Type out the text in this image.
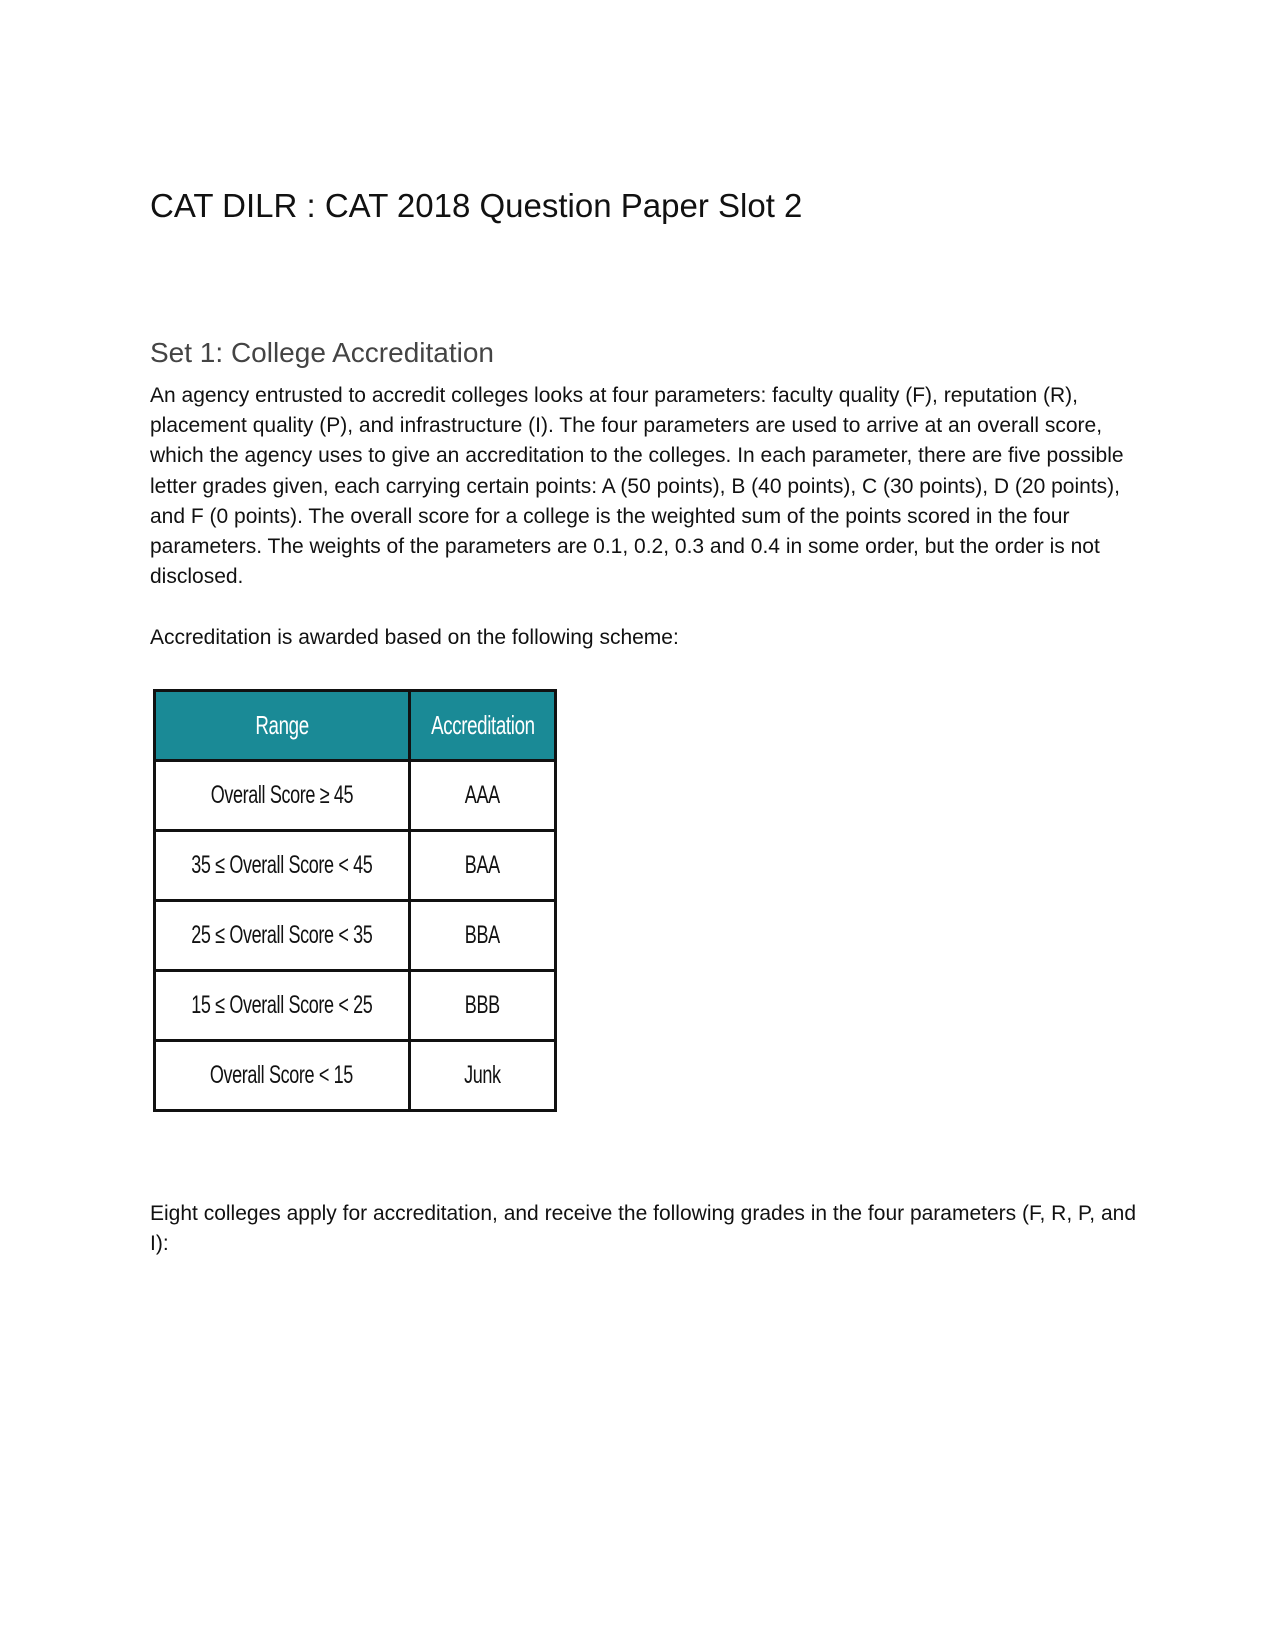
CAT DILR : CAT 2018 Question Paper Slot 2
Set 1: College Accreditation

An agency entrusted to accredit colleges looks at four parameters: faculty quality (F), reputation (R), placement quality (P), and infrastructure (I). The four parameters are used to arrive at an overall score, which the agency uses to give an accreditation to the colleges. In each parameter, there are five possible letter grades given, each carrying certain points: A (50 points), B (40 points), C (30 points), D (20 points), and F (0 points). The overall score for a college is the weighted sum of the points scored in the four parameters. The weights of the parameters are 0.1, 0.2, 0.3 and 0.4 in some order, but the order is not disclosed.

Accreditation is awarded based on the following scheme:

Range	Accreditation
Overall Score ≥ 45	AAA
35 ≤ Overall Score < 45	BAA
25 ≤ Overall Score < 35	BBA
15 ≤ Overall Score < 25	BBB
Overall Score < 15	Junk

Eight colleges apply for accreditation, and receive the following grades in the four parameters (F, R, P, and I):
